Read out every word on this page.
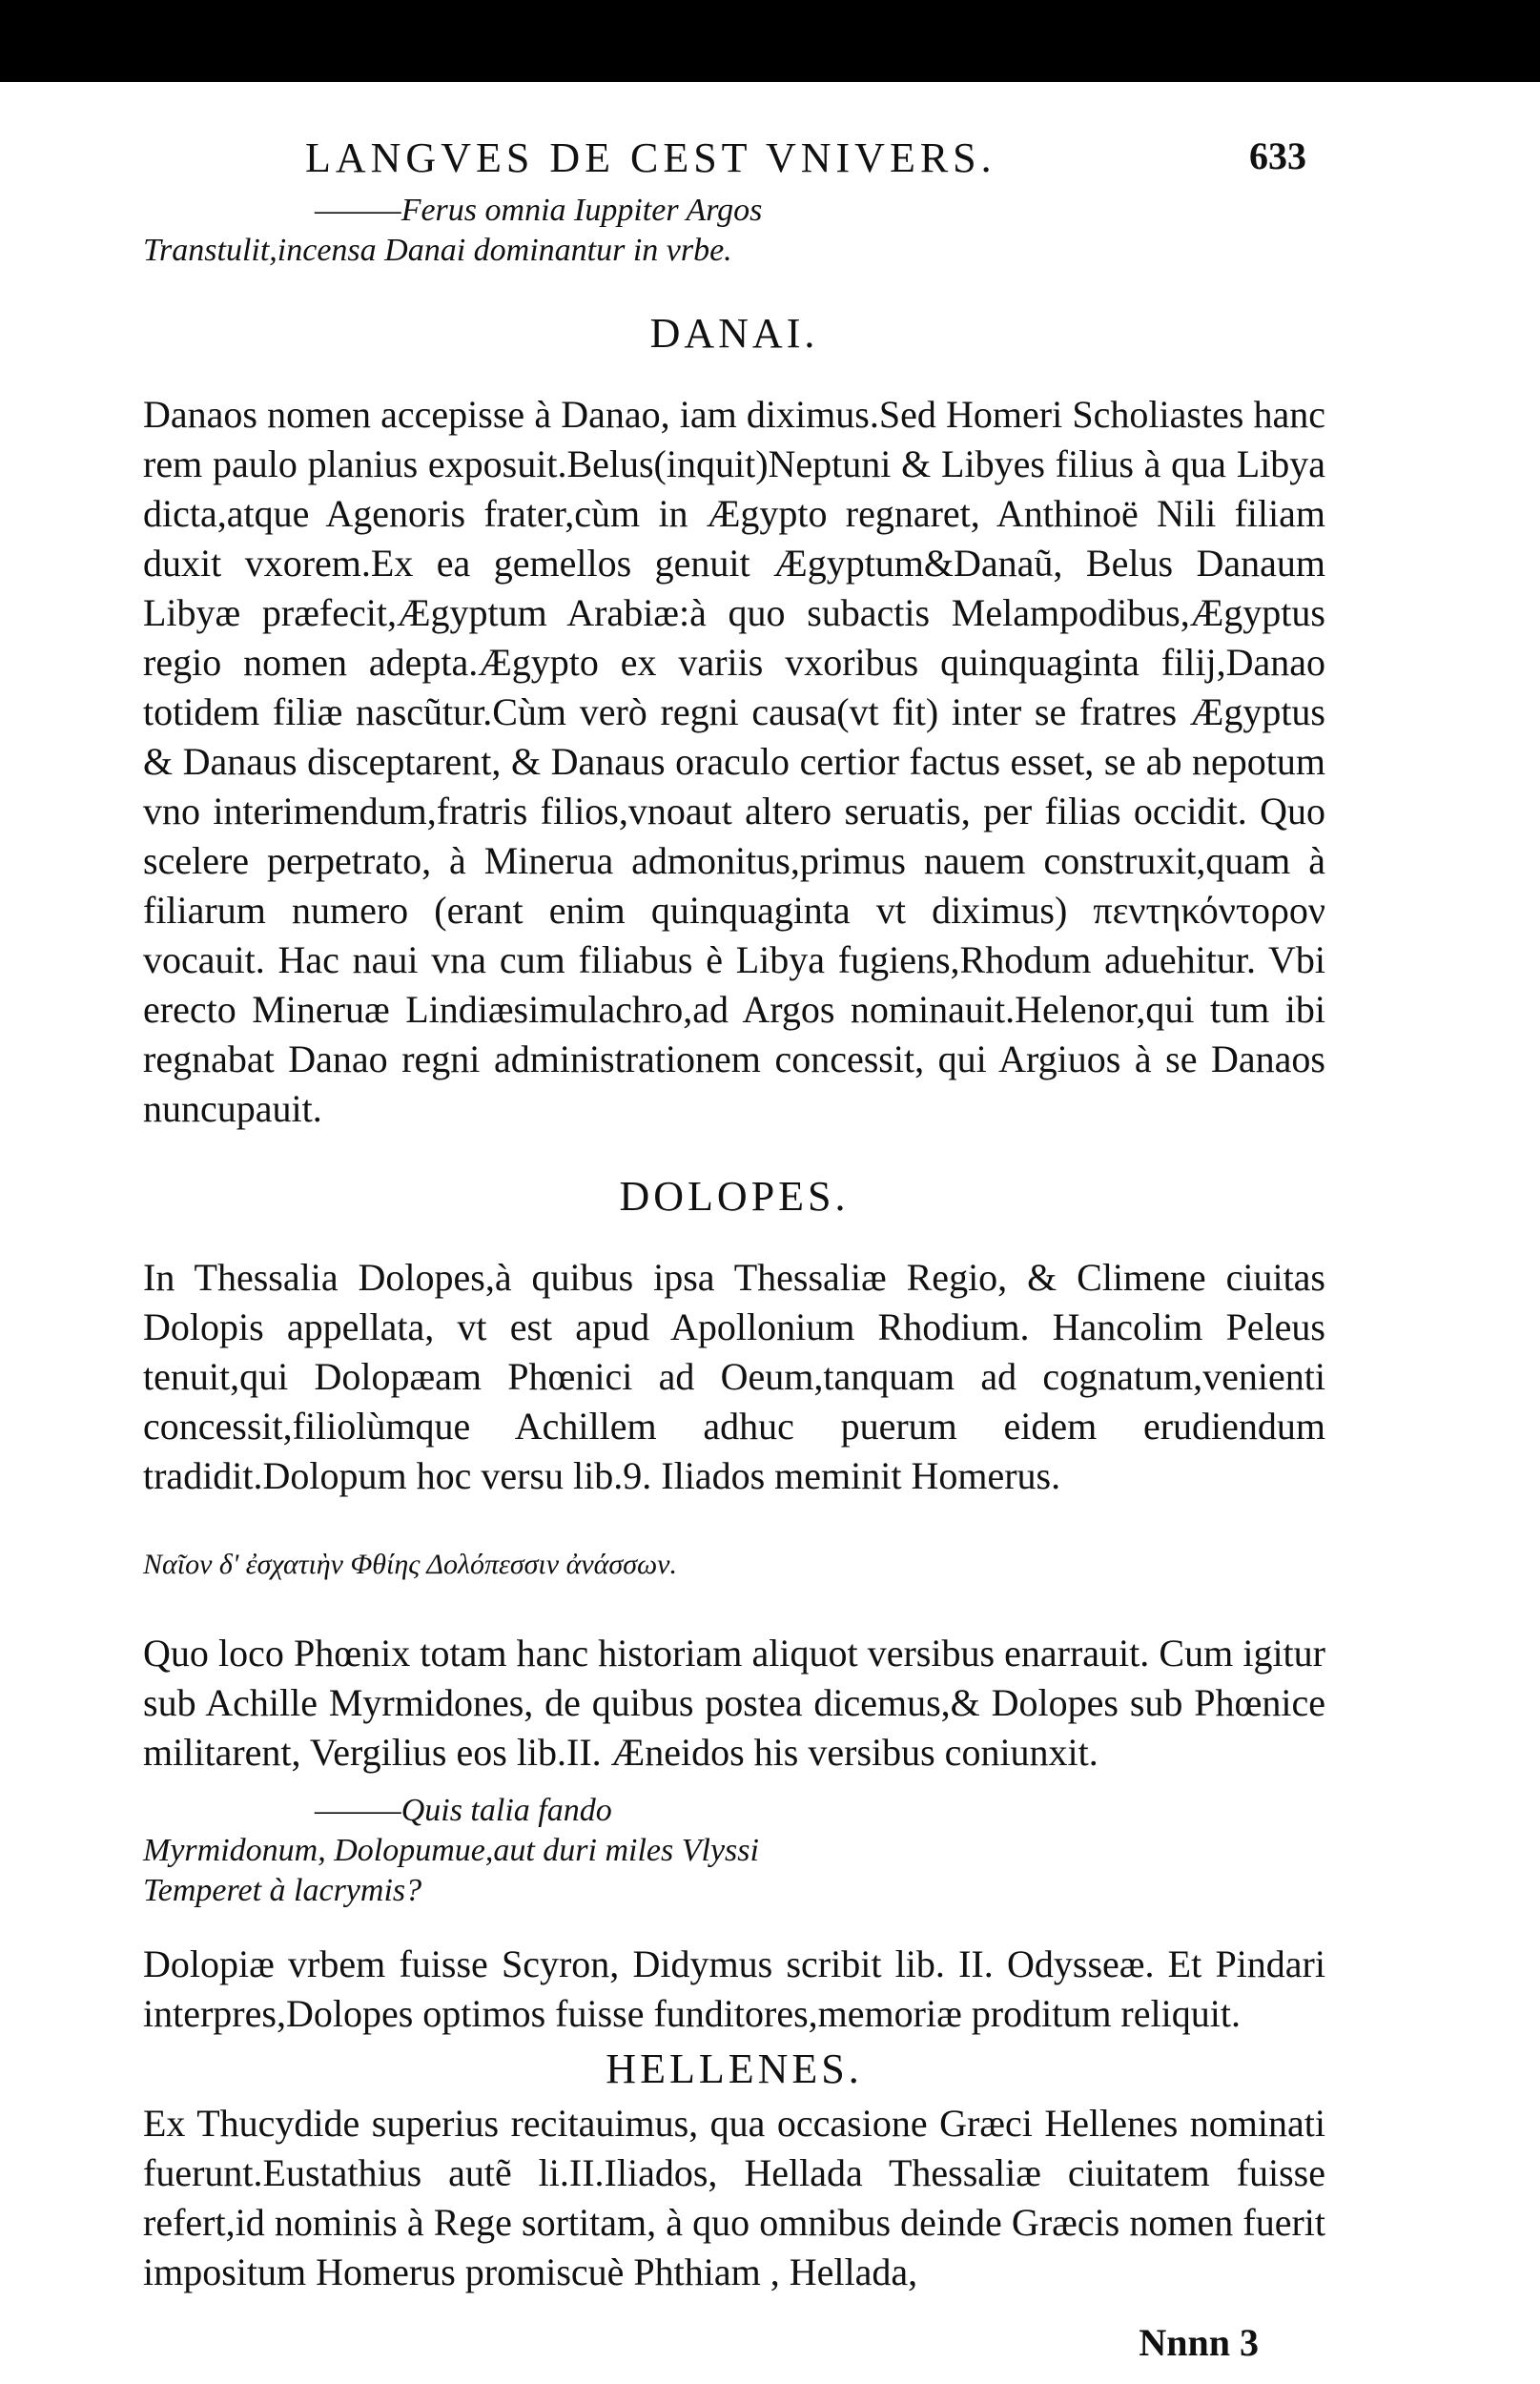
LANGVES DE CEST VNIVERS.	633
———Ferus omnia Iuppiter Argos
Transtulit,incensa Danai dominantur in vrbe.
DANAI.

Danaos nomen accepisse à Danao, iam diximus.Sed Homeri Scholiastes hanc rem paulo planius exposuit.Belus(inquit)Neptuni & Libyes filius à qua Libya dicta,atque Agenoris frater,cùm in Ægypto regnaret, Anthinoë Nili filiam duxit vxorem.Ex ea gemellos genuit Ægyptum&Danaũ, Belus Danaum Libyæ præfecit,Ægyptum Arabiæ:à quo subactis Melampodibus,Ægyptus regio nomen adepta.Ægypto ex variis vxoribus quinquaginta filij,Danao totidem filiæ nascũtur.Cùm verò regni causa(vt fit) inter se fratres Ægyptus & Danaus disceptarent, & Danaus oraculo certior factus esset, se ab nepotum vno interimendum,fratris filios,vnoaut altero seruatis, per filias occidit. Quo scelere perpetrato, à Minerua admonitus,primus nauem construxit,quam à filiarum numero (erant enim quinquaginta vt diximus) πεντηκόντορον vocauit. Hac naui vna cum filiabus è Libya fugiens,Rhodum aduehitur. Vbi erecto Mineruæ Lindiæsimulachro,ad Argos nominauit.Helenor,qui tum ibi regnabat Danao regni administrationem concessit, qui Argiuos à se Danaos nuncupauit.

DOLOPES.

In Thessalia Dolopes,à quibus ipsa Thessaliæ Regio, & Climene ciuitas Dolopis appellata, vt est apud Apollonium Rhodium. Hancolim Peleus tenuit,qui Dolopæam Phœnici ad Oeum,tanquam ad cognatum,venienti concessit,filiolùmque Achillem adhuc puerum eidem erudiendum tradidit.Dolopum hoc versu lib.9. Iliados meminit Homerus.

Ναῖον δ' ἐσχατιὴν Φθίης Δολόπεσσιν ἀνάσσων.

Quo loco Phœnix totam hanc historiam aliquot versibus enarrauit. Cum igitur sub Achille Myrmidones, de quibus postea dicemus,& Dolopes sub Phœnice militarent, Vergilius eos lib.II. Æneidos his versibus coniunxit.

———Quis talia fando
Myrmidonum, Dolopumue,aut duri miles Vlyssi
Temperet à lacrymis?

Dolopiæ vrbem fuisse Scyron, Didymus scribit lib. II. Odysseæ. Et Pindari interpres,Dolopes optimos fuisse funditores,memoriæ proditum reliquit.

HELLENES.

Ex Thucydide superius recitauimus, qua occasione Græci Hellenes nominati fuerunt.Eustathius autẽ li.II.Iliados, Hellada Thessaliæ ciuitatem fuisse refert,id nominis à Rege sortitam, à quo omnibus deinde Græcis nomen fuerit impositum Homerus promiscuè Phthiam , Hellada,

Nnnn 3
